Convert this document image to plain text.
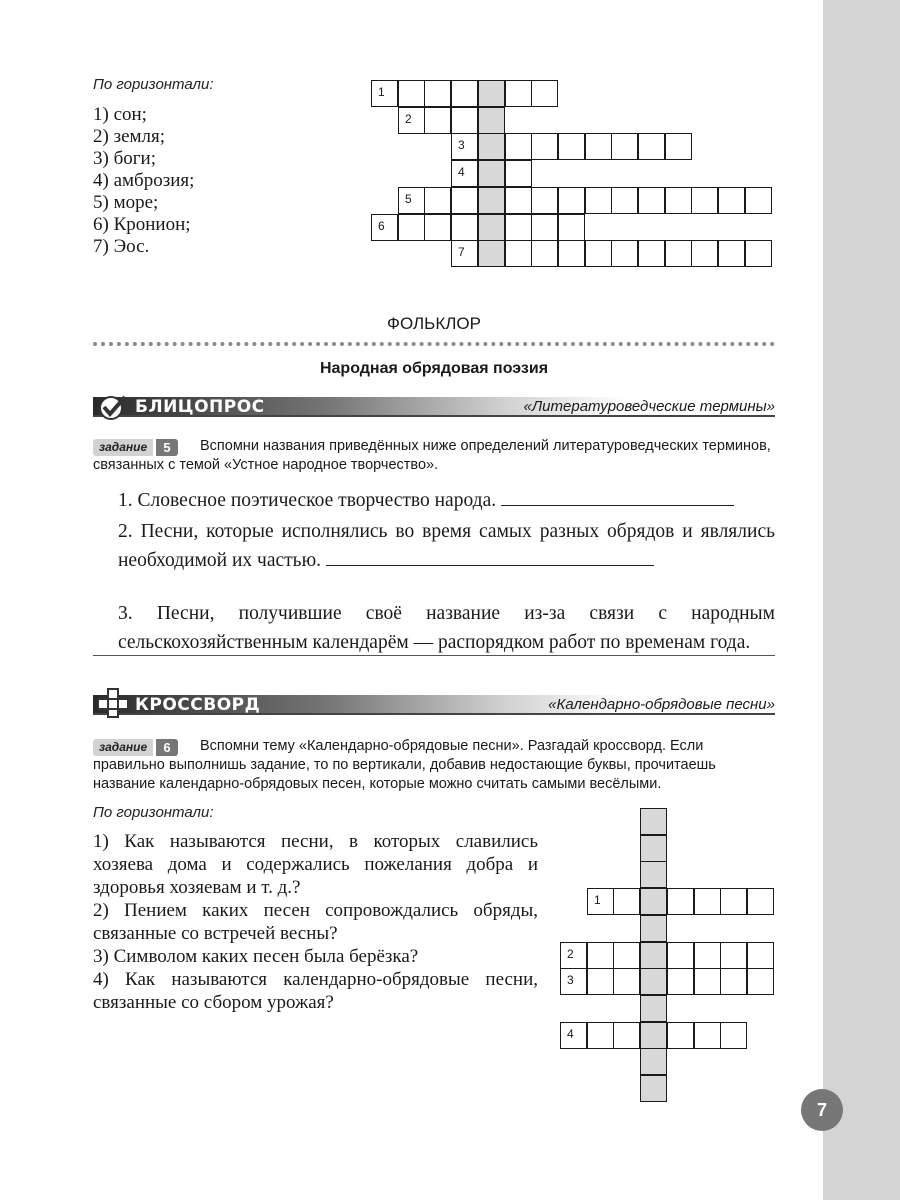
По горизонтали:
1) сон;
2) земля;
3) боги;
4) амброзия;
5) море;
6) Кронион;
7) Эос.
1
2
3
4
5
6
7
ФОЛЬКЛОР
Народная обрядовая поэзия
БЛИЦОПРОС	«Литературоведческие термины»
задание	5	Вспомни названия приведённых ниже определений литературоведческих терминов, связанных с темой «Устное народное творчество».
1. Словесное поэтическое творчество народа.
2. Песни, которые исполнялись во время самых разных обрядов и являлись необходимой их частью.
3. Песни, получившие своё название из-за связи с народным сельскохозяйственным календарём — распорядком работ по временам года.
КРОССВОРД	«Календарно-обрядовые песни»
задание	6	Вспомни тему «Календарно-обрядовые песни». Разгадай кроссворд. Если правильно выполнишь задание, то по вертикали, добавив недостающие буквы, прочитаешь название календарно-обрядовых песен, которые можно считать самыми весёлыми.
По горизонтали:
1) Как называются песни, в которых славились хозяева дома и содержались пожелания добра и здоровья хозяевам и т. д.?
2) Пением каких песен сопровождались обряды, связанные со встречей весны?
3) Символом каких песен была берёзка?
4) Как называются календарно-обрядовые песни, связанные со сбором урожая?
1
2
3
4
7
